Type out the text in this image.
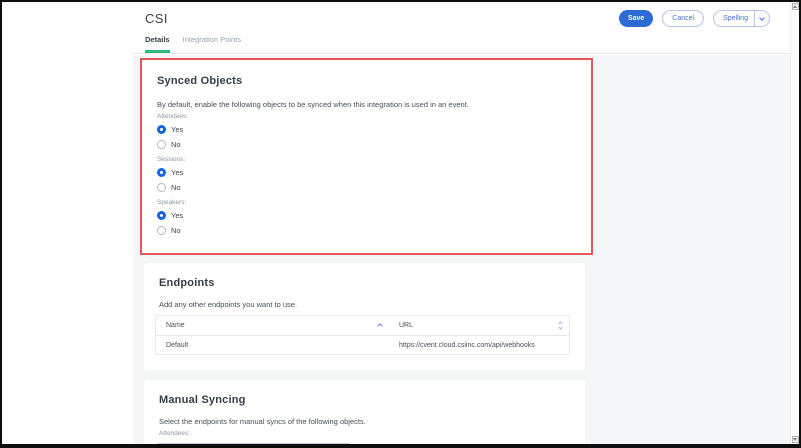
CSI	Save	Cancel	Spelling
Details Integration Points
Synced Objects
By default, enable the following objects to be synced when this integration is used in an event.
Attendees:
Yes
No
Sessions:
Yes
No
Speakers:
Yes
No
Endpoints
Add any other endpoints you want to use.
Name	URL
Default	https://cvent.cloud.csiinc.com/api/webhooks
Manual Syncing
Select the endpoints for manual syncs of the following objects.
Attendees:
